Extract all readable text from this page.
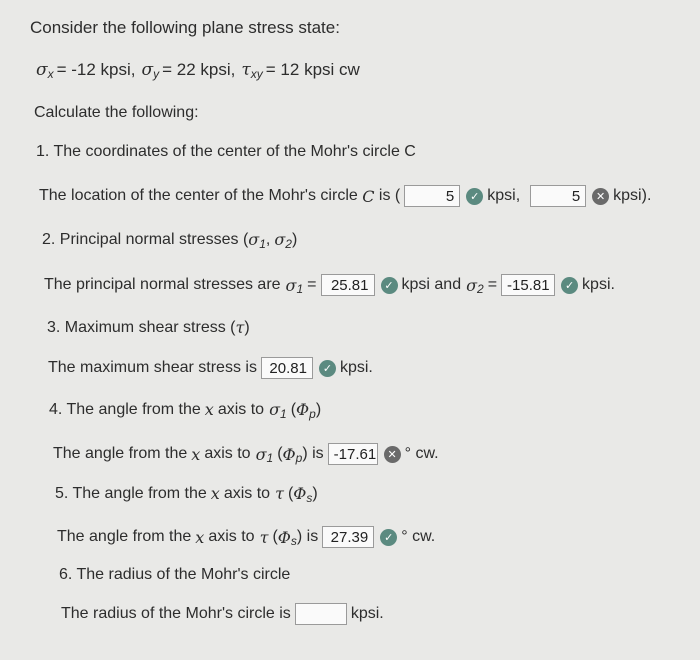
Consider the following plane stress state:
σ x = -12 kpsi, σ y = 22 kpsi, τ xy = 12 kpsi cw
Calculate the following:
1. The coordinates of the center of the Mohr's circle C
The location of the center of the Mohr's circle C is (	5	✓ kpsi,	5	✕ kpsi).
2. Principal normal stresses ( σ 1 , σ 2 )
The principal normal stresses are σ 1 = 25.81	✓ kpsi and σ 2 = -15.81	✓ kpsi.
3. Maximum shear stress ( τ )
The maximum shear stress is 20.81	✓ kpsi.
4. The angle from the x axis to σ 1 ( Φ p )
The angle from the x axis to σ 1 ( Φ p ) is -17.61	✕ ° cw.
5. The angle from the x axis to τ ( Φ s )
The angle from the x axis to τ ( Φ s ) is 27.39	✓ ° cw.
6. The radius of the Mohr's circle
The radius of the Mohr's circle is	kpsi.
